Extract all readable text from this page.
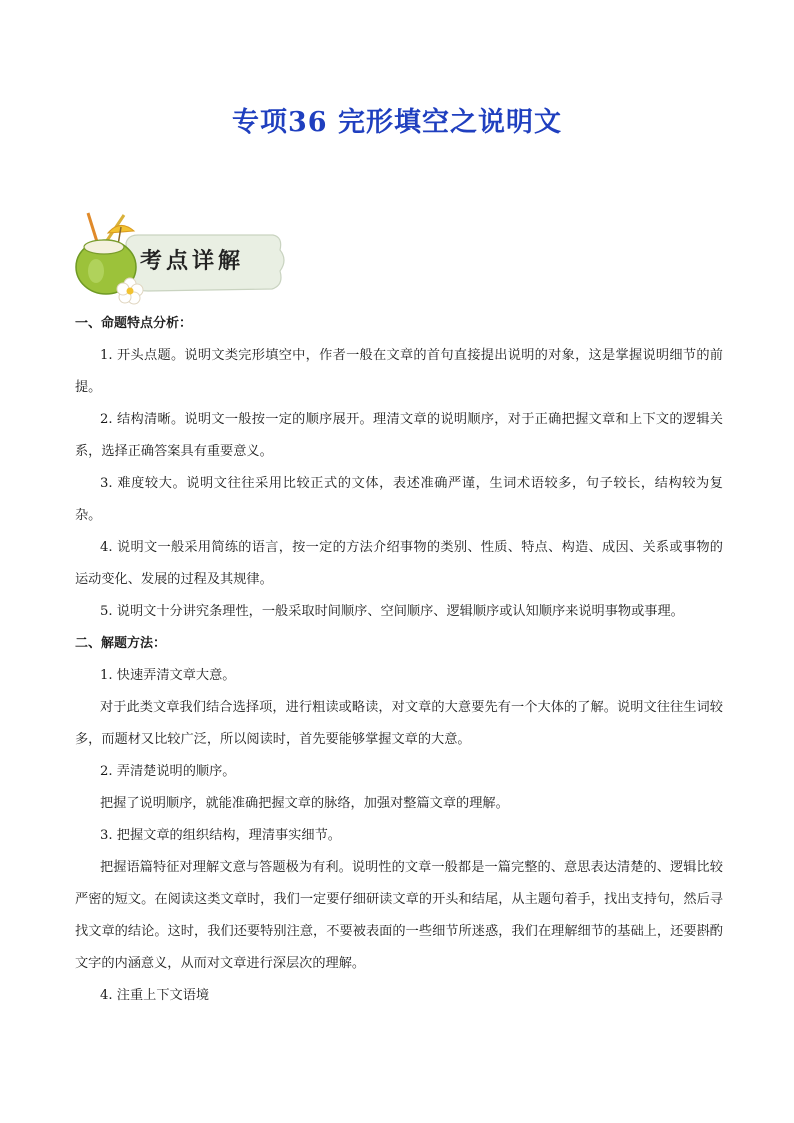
专项36 完形填空之说明文
考点详解
一、命题特点分析：
1. 开头点题。说明文类完形填空中，作者一般在文章的首句直接提出说明的对象，这是掌握说明细节的前提。
2. 结构清晰。说明文一般按一定的顺序展开。理清文章的说明顺序，对于正确把握文章和上下文的逻辑关系，选择正确答案具有重要意义。
3. 难度较大。说明文往往采用比较正式的文体，表述准确严谨，生词术语较多，句子较长，结构较为复杂。
4. 说明文一般采用简练的语言，按一定的方法介绍事物的类别、性质、特点、构造、成因、关系或事物的运动变化、发展的过程及其规律。
5. 说明文十分讲究条理性，一般采取时间顺序、空间顺序、逻辑顺序或认知顺序来说明事物或事理。
二、解题方法：
1. 快速弄清文章大意。
对于此类文章我们结合选择项，进行粗读或略读，对文章的大意要先有一个大体的了解。说明文往往生词较多，而题材又比较广泛，所以阅读时，首先要能够掌握文章的大意。
2. 弄清楚说明的顺序。
把握了说明顺序，就能准确把握文章的脉络，加强对整篇文章的理解。
3. 把握文章的组织结构，理清事实细节。
把握语篇特征对理解文意与答题极为有利。说明性的文章一般都是一篇完整的、意思表达清楚的、逻辑比较严密的短文。在阅读这类文章时，我们一定要仔细研读文章的开头和结尾，从主题句着手，找出支持句，然后寻找文章的结论。这时，我们还要特别注意，不要被表面的一些细节所迷惑，我们在理解细节的基础上，还要斟酌文字的内涵意义，从而对文章进行深层次的理解。
4. 注重上下文语境
